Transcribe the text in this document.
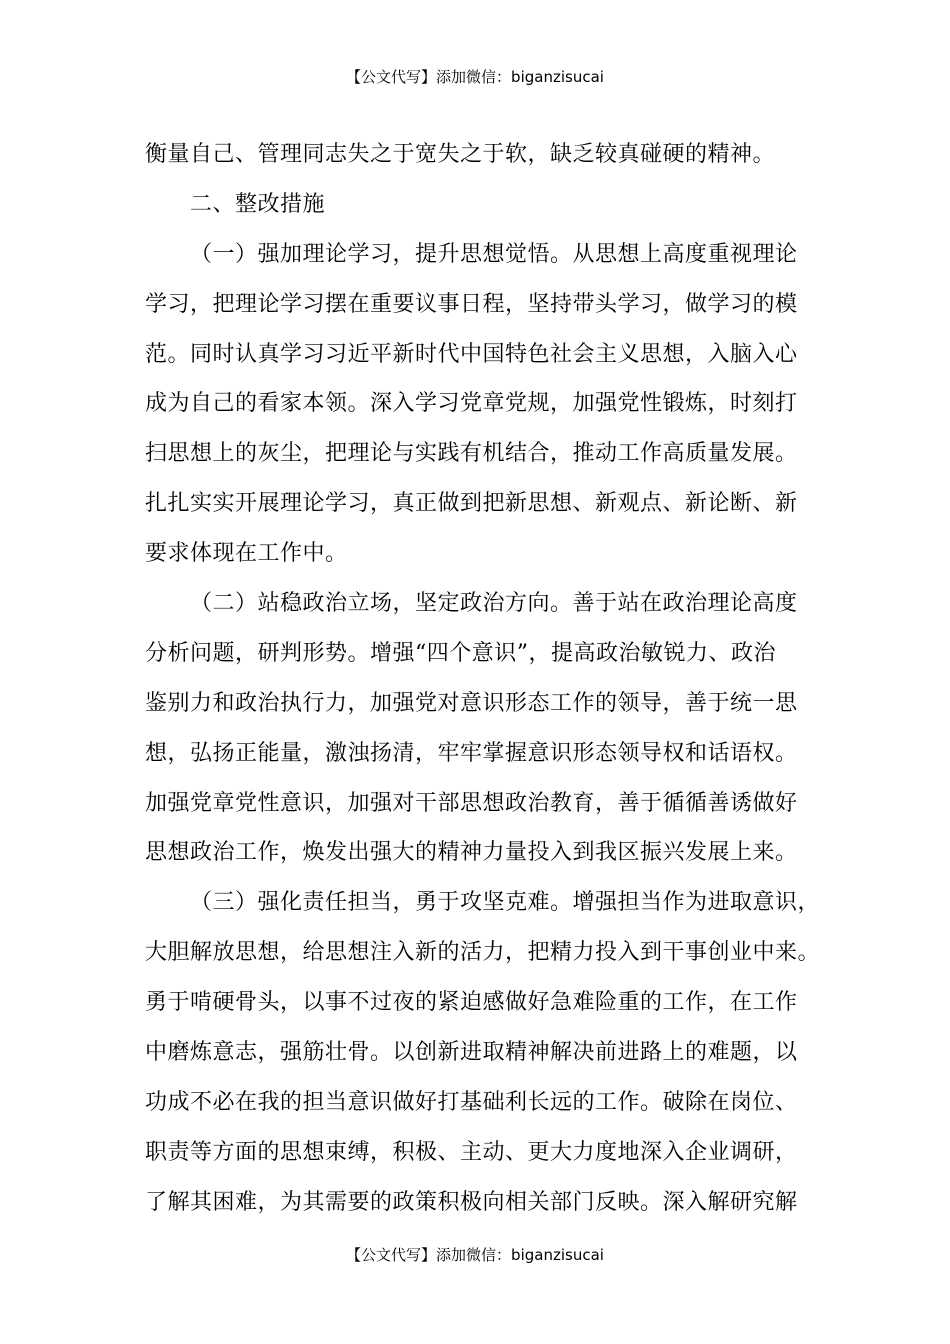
【公文代写】添加微信：biganzisucai
衡量自己、管理同志失之于宽失之于软，缺乏较真碰硬的精神。
二、整改措施
（一）强加理论学习，提升思想觉悟。从思想上高度重视理论
学习，把理论学习摆在重要议事日程，坚持带头学习，做学习的模
范。同时认真学习习近平新时代中国特色社会主义思想，入脑入心
成为自己的看家本领。深入学习党章党规，加强党性锻炼，时刻打
扫思想上的灰尘，把理论与实践有机结合，推动工作高质量发展。
扎扎实实开展理论学习，真正做到把新思想、新观点、新论断、新
要求体现在工作中。
（二）站稳政治立场，坚定政治方向。善于站在政治理论高度
分析问题，研判形势。增强“四个意识”，提高政治敏锐力、政治
鉴别力和政治执行力，加强党对意识形态工作的领导，善于统一思
想，弘扬正能量，激浊扬清，牢牢掌握意识形态领导权和话语权。
加强党章党性意识，加强对干部思想政治教育，善于循循善诱做好
思想政治工作，焕发出强大的精神力量投入到我区振兴发展上来。
（三）强化责任担当，勇于攻坚克难。增强担当作为进取意识，
大胆解放思想，给思想注入新的活力，把精力投入到干事创业中来。
勇于啃硬骨头，以事不过夜的紧迫感做好急难险重的工作，在工作
中磨炼意志，强筋壮骨。以创新进取精神解决前进路上的难题，以
功成不必在我的担当意识做好打基础利长远的工作。破除在岗位、
职责等方面的思想束缚，积极、主动、更大力度地深入企业调研，
了解其困难，为其需要的政策积极向相关部门反映。深入解研究解
【公文代写】添加微信：biganzisucai
